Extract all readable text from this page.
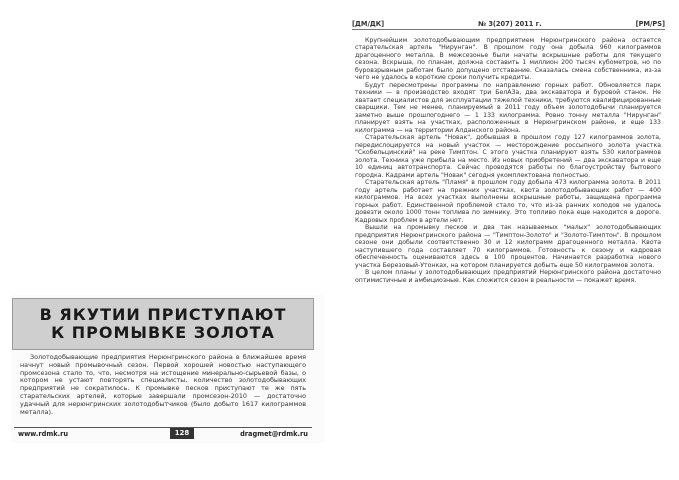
В ЯКУТИИ ПРИСТУПАЮТ
К ПРОМЫВКЕ ЗОЛОТА

Золотодобывающие предприятия Нерюнгринского района в ближайшее время начнут новый промывочный сезон. Первой хорошей новостью наступающего промсезона стало то, что, несмотря на истощение минерально-сырьевой базы, о котором не устают повторять специалисты, количество золотодобывающих предприятий не сократилось. К промывке песков приступают те же пять старательских артелей, которые завершали промсезон-2010 — достаточно удачный для нерюнгринских золотодобытчиков (было добыто 1617 килограммов металла).

www.rdmk.ru	128	dragmet@rdmk.ru
[ДМ/ДК]	№ 3(207) 2011 г.	[РМ/РS]

Крупнейшим золотодобывающим предприятием Нерюнгринского района остается старательская артель "Нирунган". В прошлом году она добыла 960 килограммов драгоценного металла. В межсезонье были начаты вскрышные работы для текущего сезона. Вскрыша, по планам, должна составить 1 миллион 200 тысяч кубометров, но по буровзрывным работам было допущено отставание. Сказалась смена собственника, из-за чего не удалось в короткие сроки получить кредиты.

Будут пересмотрены программы по направлению горных работ. Обновляется парк техники — в производство входят три БелАЗа, два экскаватора и буровой станок. Не хватает специалистов для эксплуатации тяжелой техники, требуются квалифицированные сварщики. Тем не менее, планируемый в 2011 году объем золотодобычи планируется заметно выше прошлогоднего — 1 133 килограмма. Ровно тонну металла "Нирунган" планирует взять на участках, расположенных в Нерюнгринском районе, и еще 133 килограмма — на территории Алданского района.

Старательская артель "Новак", добывшая в прошлом году 127 килограммов золота, передислоцируется на новый участок — месторождение россыпного золота участка "Скобельцинский" на реке Тимптон. С этого участка планируют взять 530 килограммов золота. Техника уже прибыла на место. Из новых приобретений — два экскаватора и еще 10 единиц автотранспорта. Сейчас проводятся работы по благоустройству бытового городка. Кадрами артель "Новак" сегодня укомплектована полностью.

Старательская артель "Пламя" в прошлом году добыла 473 килограмма золота. В 2011 году артель работает на прежних участках, квота золотодобывающих работ — 400 килограммов. На всех участках выполнены вскрышные работы, защищена программа горных работ. Единственной проблемой стало то, что из-за ранних холодов не удалось довезти около 1000 тонн топлива по зимнику. Это топливо пока еще находится в дороге. Кадровых проблем в артели нет.

Вышли на промывку песков и два так называемых "малых" золотодобывающих предприятия Нерюнгринского района — "Тимптон-Золото" и "Золото-Тимптон". В прошлом сезоне они добыли соответственно 30 и 12 килограмм драгоценного металла. Квота наступившего года составляет 70 килограммов. Готовность к сезону и кадровая обеспеченность оцениваются здесь в 100 процентов. Начинается разработка нового участка Березовый-Утонках, на котором планируется добыть еще 50 килограммов золота.

В целом планы у золотодобывающих предприятий Нерюнгринского района достаточно оптимистичные и амбициозные. Как сложится сезон в реальности — покажет время.
